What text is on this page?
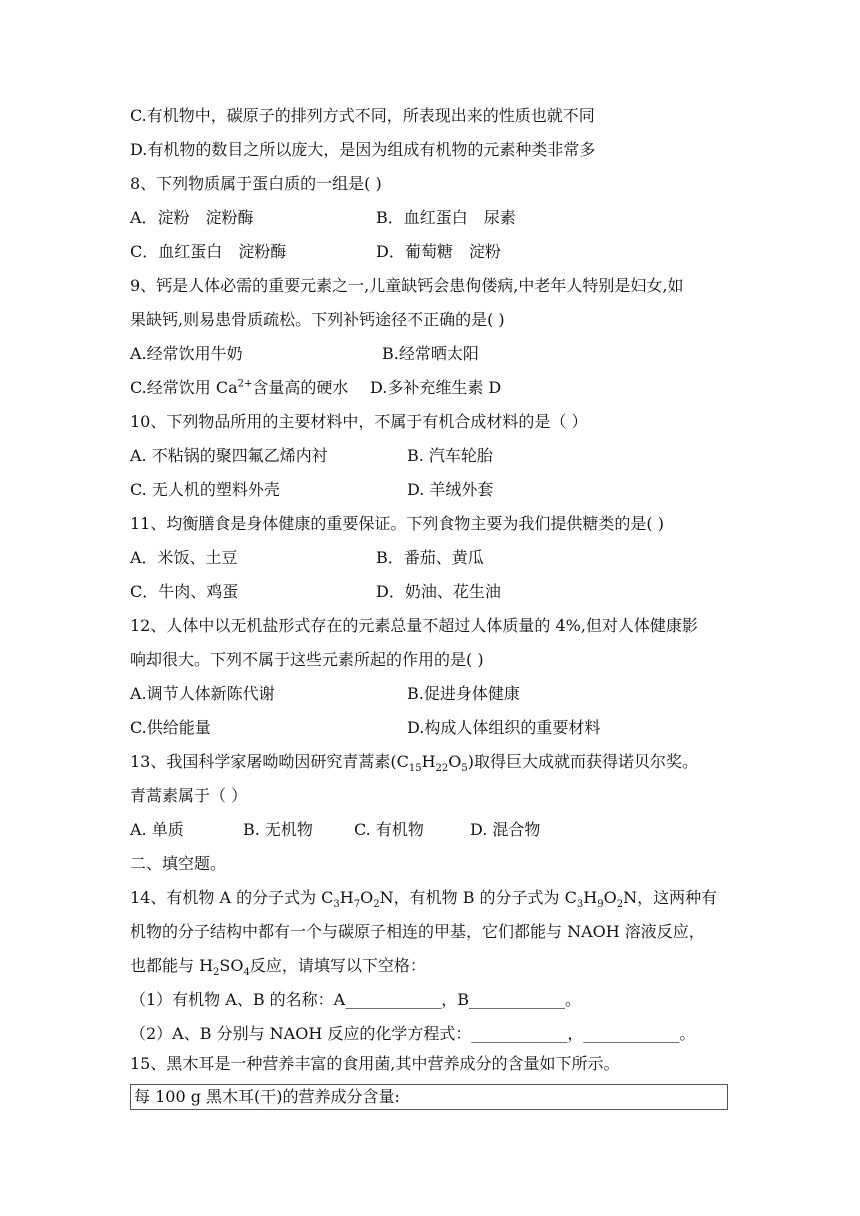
C.有机物中，碳原子的排列方式不同，所表现出来的性质也就不同
D.有机物的数目之所以庞大，是因为组成有机物的元素种类非常多
8、下列物质属于蛋白质的一组是( )
A．淀粉　淀粉酶	B．血红蛋白　尿素
C．血红蛋白　淀粉酶	D．葡萄糖　淀粉
9、钙是人体必需的重要元素之一,儿童缺钙会患佝偻病,中老年人特别是妇女,如
果缺钙,则易患骨质疏松。下列补钙途径不正确的是( )
A.经常饮用牛奶	B.经常晒太阳
C.经常饮用 $Ca^{2+}$含量高的硬水 D.多补充维生素 D
10、下列物品所用的主要材料中，不属于有机合成材料的是（ ）
A. 不粘锅的聚四氟乙烯内衬	B. 汽车轮胎
C. 无人机的塑料外壳	D. 羊绒外套
11、均衡膳食是身体健康的重要保证。下列食物主要为我们提供糖类的是( )
A．米饭、土豆	B．番茄、黄瓜
C．牛肉、鸡蛋	D．奶油、花生油
12、人体中以无机盐形式存在的元素总量不超过人体质量的 4%,但对人体健康影
响却很大。下列不属于这些元素所起的作用的是( )
A.调节人体新陈代谢	B.促进身体健康
C.供给能量	D.构成人体组织的重要材料
13、我国科学家屠呦呦因研究青蒿素$(C_{15}H_{22}O_5)$取得巨大成就而获得诺贝尔奖。
青蒿素属于（ ）
A. 单质	B. 无机物	C. 有机物	D. 混合物
二、填空题。
14、有机物 A 的分子式为 $C_3H_7O_2N$，有机物 B 的分子式为 $C_3H_9O_2N$，这两种有
机物的分子结构中都有一个与碳原子相连的甲基，它们都能与 NAOH 溶液反应，
也都能与 $H_2SO_4$反应，请填写以下空格：
（1）有机物 A、B 的名称：A____________，B____________。
（2）A、B 分别与 NAOH 反应的化学方程式：____________，____________。
15、黑木耳是一种营养丰富的食用菌,其中营养成分的含量如下所示。
每 100 g 黑木耳(干)的营养成分含量:
